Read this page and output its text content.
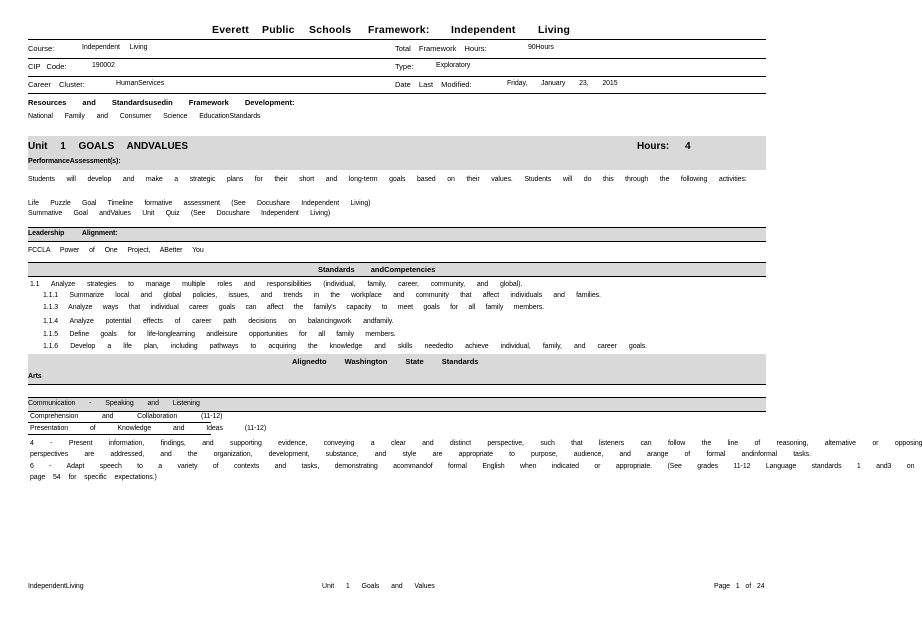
Everett Public Schools Framework: Independent Living
Course:	Independent Living	Total Framework Hours:	90Hours
CIP Code:	190002	Type:	Exploratory
Career Cluster:	HumanServices	Date Last Modified:	Friday, January 23, 2015
Resources and Standardsusedin Framework Development:
National Family and Consumer Science EducationStandards
Unit 1 GOALS ANDVALUES	Hours: 4
PerformanceAssessment(s):
Students will develop and make a strategic plans for their short and long-term goals based on their values. Students will do this through the following activities:
Life Puzzle Goal Timeline formative assessment (See Docushare Independent Living)
Summative Goal andValues Unit Quiz (See Docushare Independent Living)
Leadership Alignment:
FCCLA Power of One Project, ABetter You
Standards andCompetencies
1.1 Analyze strategies to manage multiple roles and responsibilities (individual, family, career, community, and global).
1.1.1 Summarize local and global policies, issues, and trends in the workplace and community that affect individuals and families.
1.1.3 Analyze ways that individual career goals can affect the family's capacity to meet goals for all family members.
1.1.4 Analyze potential effects of career path decisions on balancingwork andfamily.
1.1.5 Define goals for life-longlearning andleisure opportunities for all family members.
1.1.6 Develop a life plan, including pathways to acquiring the knowledge and skills neededto achieve individual, family, and career goals.
Alignedto Washington State Standards
Arts
Communication - Speaking and Listening
Comprehension and Collaboration (11-12)
Presentation of Knowledge and Ideas (11-12)
4 - Present information, findings, and supporting evidence, conveying a clear and distinct perspective, such that listeners can follow the line of reasoning, alternative or opposing
perspectives are addressed, and the organization, development, substance, and style are appropriate to purpose, audience, and arange of formal andinformal tasks.
6 - Adapt speech to a variety of contexts and tasks, demonstrating acommandof formal English when indicated or appropriate. (See grades 11-12 Language standards 1 and3 on
page 54 for specific expectations.)
IndependentLiving	Unit 1 Goals and Values	Page 1 of 24
